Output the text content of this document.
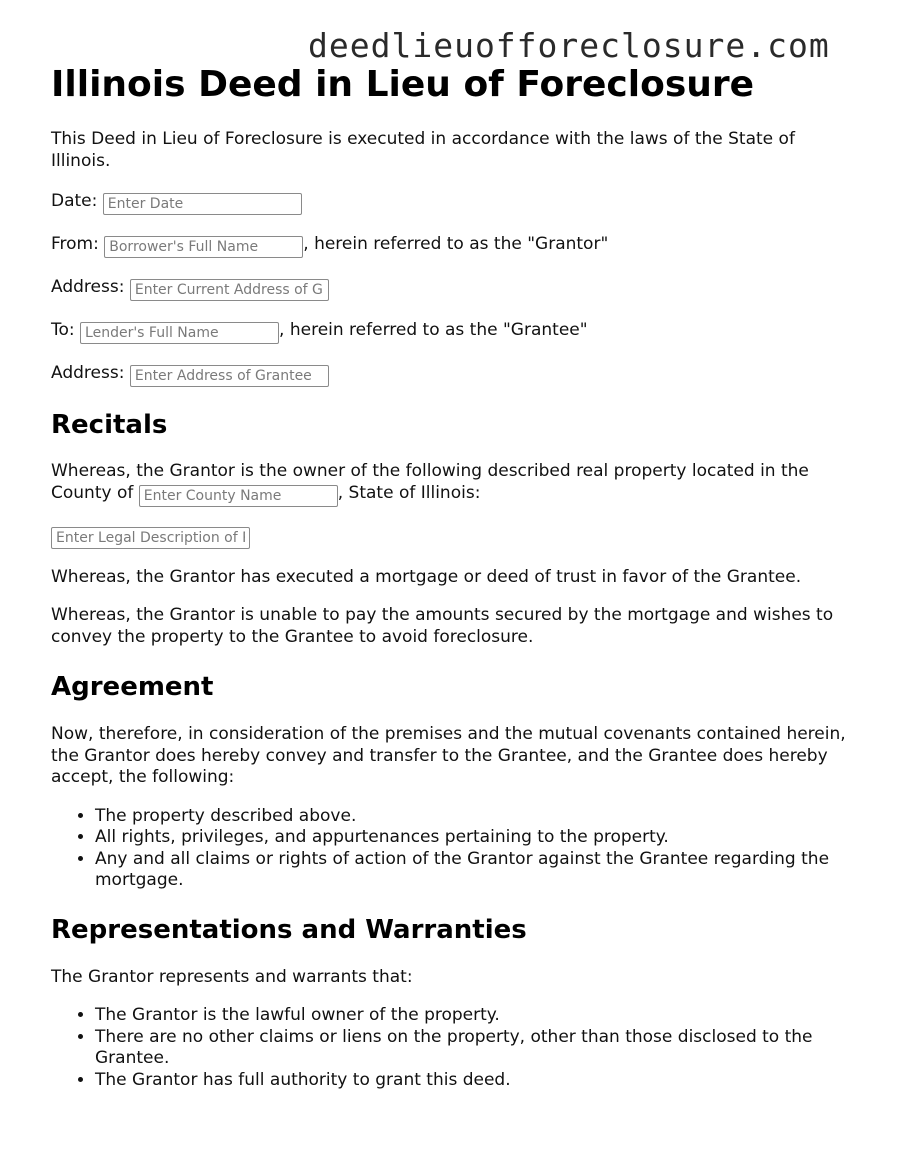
deedlieuofforeclosure.com
Illinois Deed in Lieu of Foreclosure

This Deed in Lieu of Foreclosure is executed in accordance with the laws of the State of Illinois.

Date: Enter Date

From: Borrower's Full Name	, herein referred to as the "Grantor"

Address: Enter Current Address of Grantor

To: Lender's Full Name	, herein referred to as the "Grantee"

Address: Enter Address of Grantee

Recitals

Whereas, the Grantor is the owner of the following described real property located in the County of Enter County Name	, State of Illinois:

Enter Legal Description of Property

Whereas, the Grantor has executed a mortgage or deed of trust in favor of the Grantee.

Whereas, the Grantor is unable to pay the amounts secured by the mortgage and wishes to convey the property to the Grantee to avoid foreclosure.

Agreement

Now, therefore, in consideration of the premises and the mutual covenants contained herein, the Grantor does hereby convey and transfer to the Grantee, and the Grantee does hereby accept, the following:

• The property described above.
• All rights, privileges, and appurtenances pertaining to the property.
• Any and all claims or rights of action of the Grantor against the Grantee regarding the mortgage.
Representations and Warranties

The Grantor represents and warrants that:

• The Grantor is the lawful owner of the property.
• There are no other claims or liens on the property, other than those disclosed to the Grantee.
• The Grantor has full authority to grant this deed.
